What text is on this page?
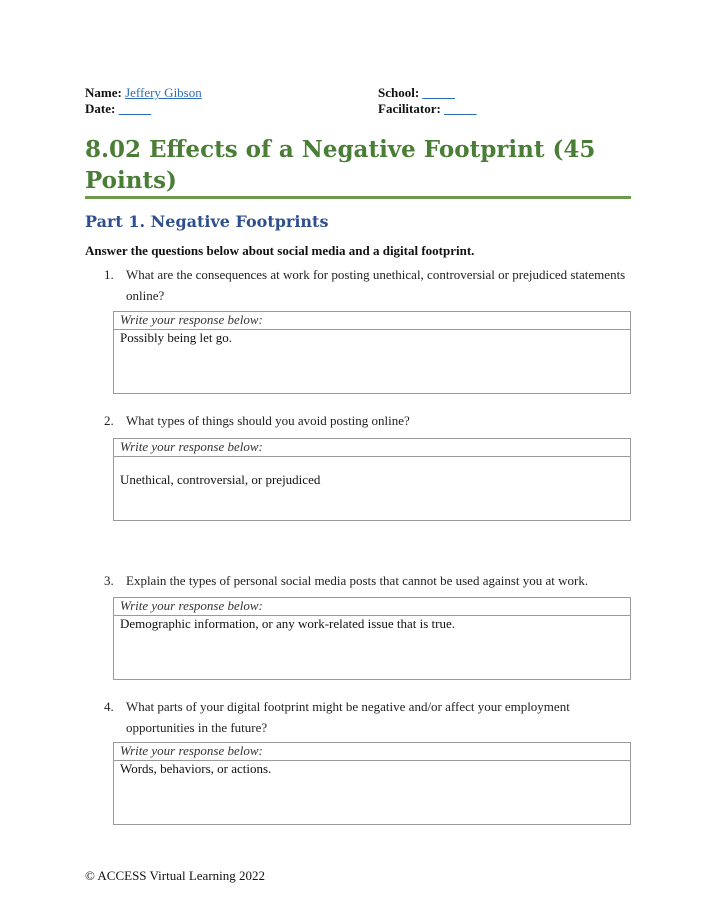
Name: Jeffery Gibson
Date: _____
School: _____
Facilitator: _____
8.02 Effects of a Negative Footprint (45
Points)
Part 1. Negative Footprints
Answer the questions below about social media and a digital footprint.
1. What are the consequences at work for posting unethical, controversial or prejudiced statements online?
Write your response below:
Possibly being let go.
2. What types of things should you avoid posting online?
Write your response below:
Unethical, controversial, or prejudiced
3. Explain the types of personal social media posts that cannot be used against you at work.
Write your response below:
Demographic information, or any work-related issue that is true.
4. What parts of your digital footprint might be negative and/or affect your employment opportunities in the future?
Write your response below:
Words, behaviors, or actions.
© ACCESS Virtual Learning 2022
